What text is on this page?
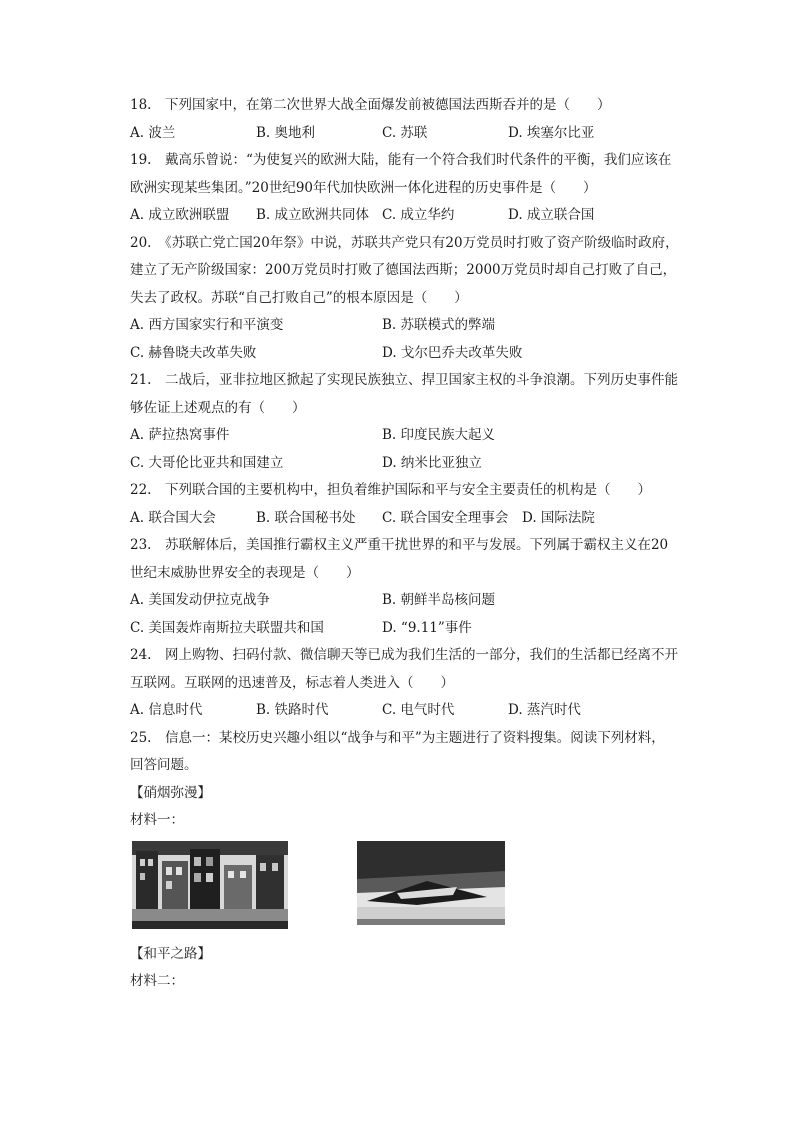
18.　下列国家中，在第二次世界大战全面爆发前被德国法西斯吞并的是（　　）
A. 波兰	B. 奥地利	C. 苏联	D. 埃塞尔比亚
19.　戴高乐曾说：“为使复兴的欧洲大陆，能有一个符合我们时代条件的平衡，我们应该在
欧洲实现某些集团。”20世纪90年代加快欧洲一体化进程的历史事件是（　　）
A. 成立欧洲联盟	B. 成立欧洲共同体 C. 成立华约	D. 成立联合国
20.　《苏联亡党亡国20年祭》中说，苏联共产党只有20万党员时打败了资产阶级临时政府，
建立了无产阶级国家：200万党员时打败了德国法西斯；2000万党员时却自己打败了自己，
失去了政权。苏联“自己打败自己”的根本原因是（　　）
A. 西方国家实行和平演变	B. 苏联模式的弊端
C. 赫鲁晓夫改革失败	D. 戈尔巴乔夫改革失败
21.　二战后，亚非拉地区掀起了实现民族独立、捍卫国家主权的斗争浪潮。下列历史事件能
够佐证上述观点的有（　　）
A. 萨拉热窝事件	B. 印度民族大起义
C. 大哥伦比亚共和国建立	D. 纳米比亚独立
22.　下列联合国的主要机构中，担负着维护国际和平与安全主要责任的机构是（　　）
A. 联合国大会	B. 联合国秘书处	C. 联合国安全理事会	D. 国际法院
23.　苏联解体后，美国推行霸权主义严重干扰世界的和平与发展。下列属于霸权主义在20
世纪末威胁世界安全的表现是（　　）
A. 美国发动伊拉克战争	B. 朝鲜半岛核问题
C. 美国轰炸南斯拉夫联盟共和国	D. “9.11”事件
24.　网上购物、扫码付款、微信聊天等已成为我们生活的一部分，我们的生活都已经离不开
互联网。互联网的迅速普及，标志着人类进入（　　）
A. 信息时代	B. 铁路时代	C. 电气时代	D. 蒸汽时代
25.　信息一：某校历史兴趣小组以“战争与和平”为主题进行了资料搜集。阅读下列材料，
回答问题。
【硝烟弥漫】
材料一：
【和平之路】
材料二：
